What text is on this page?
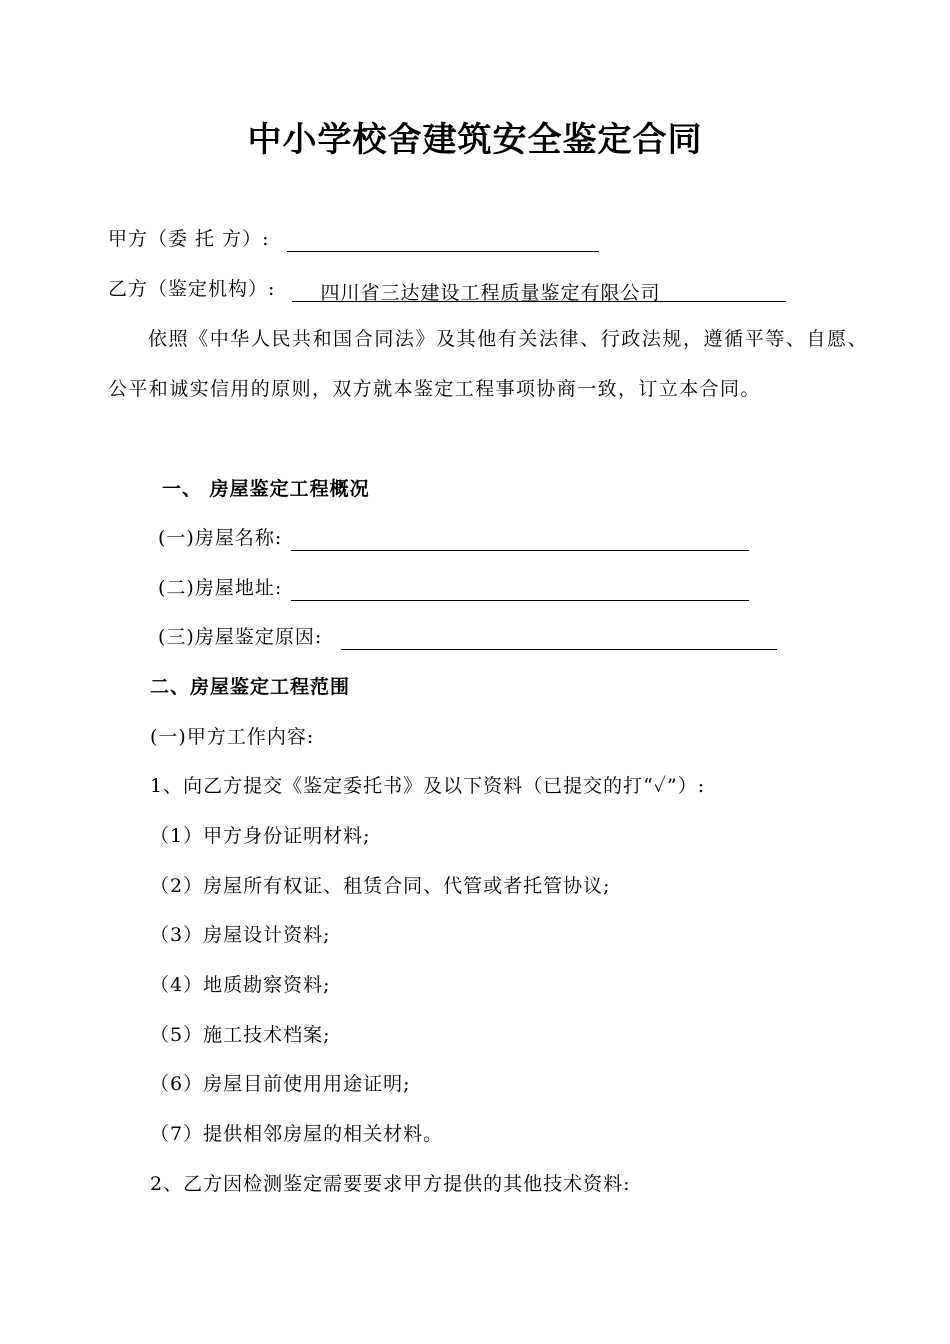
中小学校舍建筑安全鉴定合同
甲方（委 托 方）:
乙方（鉴定机构）: 四川省三达建设工程质量鉴定有限公司
依照《中华人民共和国合同法》及其他有关法律、行政法规，遵循平等、自愿、公平和诚实信用的原则，双方就本鉴定工程事项协商一致，订立本合同。
一、 房屋鉴定工程概况
(一)房屋名称:
(二)房屋地址:
(三)房屋鉴定原因:
二、房屋鉴定工程范围
(一)甲方工作内容:
1、向乙方提交《鉴定委托书》及以下资料（已提交的打“✓”）:
（1）甲方身份证明材料;
（2）房屋所有权证、租赁合同、代管或者托管协议;
（3）房屋设计资料;
（4）地质勘察资料;
（5）施工技术档案;
（6）房屋目前使用用途证明;
（7）提供相邻房屋的相关材料。
2、乙方因检测鉴定需要要求甲方提供的其他技术资料:
